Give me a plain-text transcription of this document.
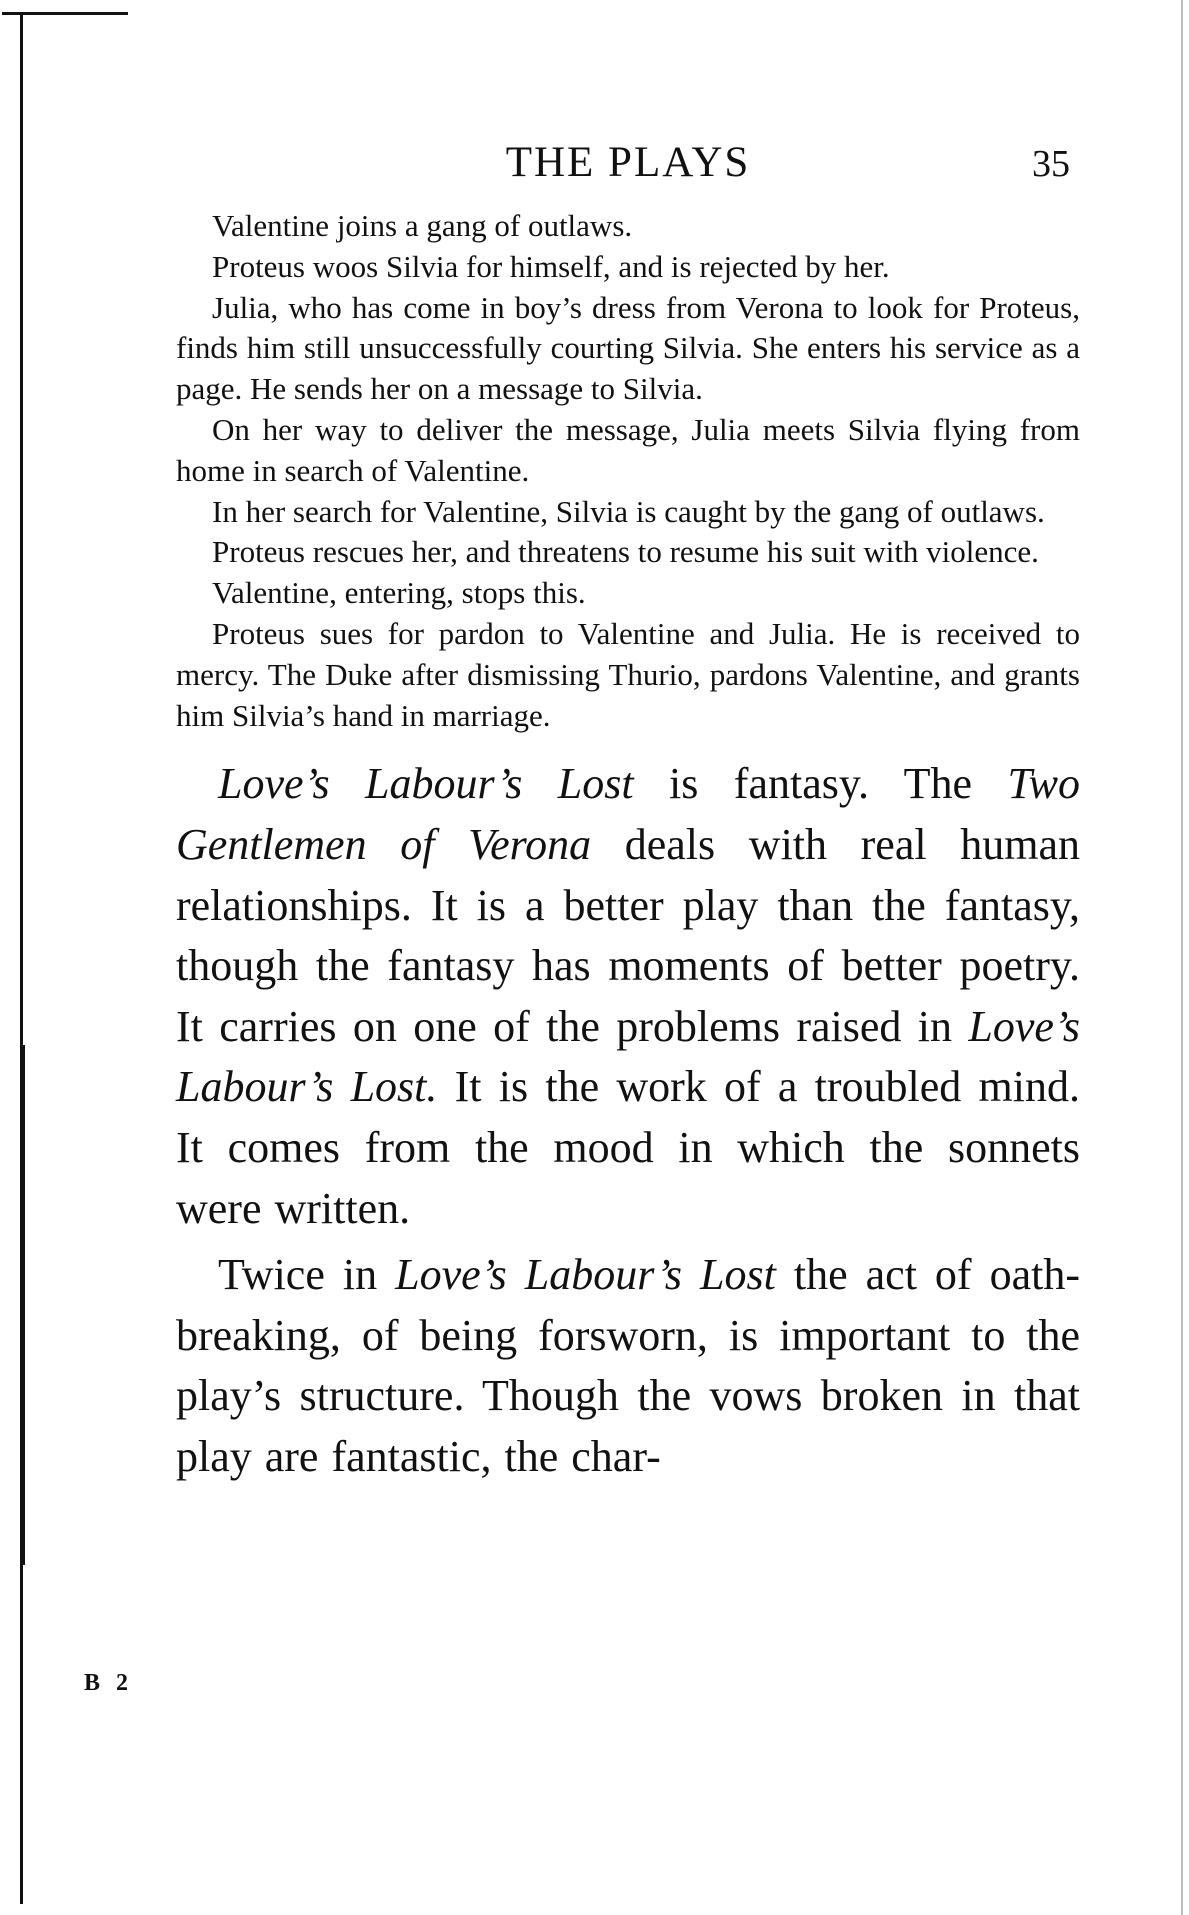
THE PLAYS	35

Valentine joins a gang of outlaws.

Proteus woos Silvia for himself, and is rejected by her.

Julia, who has come in boy’s dress from Verona to look for Proteus, finds him still unsuccessfully courting Silvia. She enters his service as a page. He sends her on a message to Silvia.

On her way to deliver the message, Julia meets Silvia flying from home in search of Valentine.

In her search for Valentine, Silvia is caught by the gang of outlaws.

Proteus rescues her, and threatens to resume his suit with violence.

Valentine, entering, stops this.

Proteus sues for pardon to Valentine and Julia. He is received to mercy. The Duke after dismissing Thurio, pardons Valentine, and grants him Silvia’s hand in marriage.

Love’s Labour’s Lost is fantasy. The Two Gentlemen of Verona deals with real human relationships. It is a better play than the fantasy, though the fantasy has moments of better poetry. It carries on one of the problems raised in Love’s Labour’s Lost. It is the work of a troubled mind. It comes from the mood in which the sonnets were written.

Twice in Love’s Labour’s Lost the act of oath-breaking, of being forsworn, is important to the play’s structure. Though the vows broken in that play are fantastic, the char-

B 2
